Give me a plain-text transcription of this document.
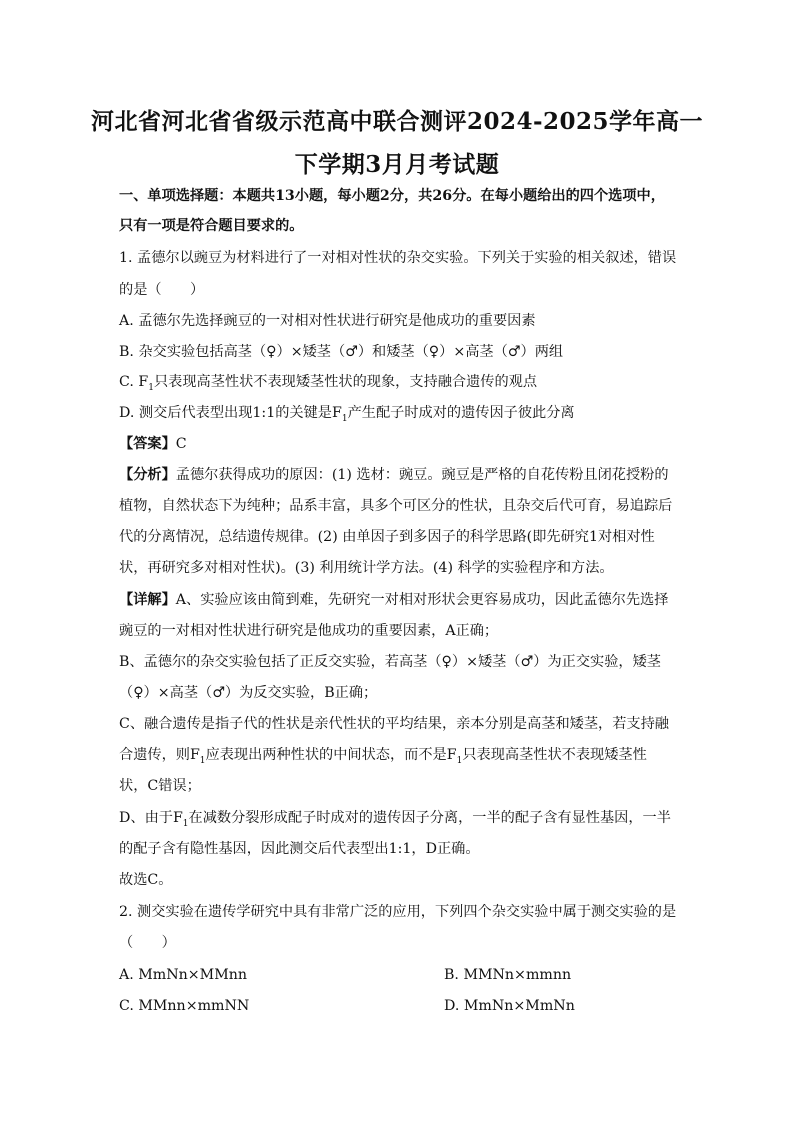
河北省河北省省级示范高中联合测评2024-2025学年高一
下学期3月月考试题
一、单项选择题：本题共13小题，每小题2分，共26分。在每小题给出的四个选项中，
只有一项是符合题目要求的。
1. 孟德尔以豌豆为材料进行了一对相对性状的杂交实验。下列关于实验的相关叙述，错误
的是（　　）
A. 孟德尔先选择豌豆的一对相对性状进行研究是他成功的重要因素
B. 杂交实验包括高茎（♀）×矮茎（♂）和矮茎（♀）×高茎（♂）两组
C. $F_1$只表现高茎性状不表现矮茎性状的现象，支持融合遗传的观点
D. 测交后代表型出现1:1的关键是$F_1$产生配子时成对的遗传因子彼此分离
【答案】C
【分析】孟德尔获得成功的原因：(1) 选材：豌豆。豌豆是严格的自花传粉且闭花授粉的
植物，自然状态下为纯种；品系丰富，具多个可区分的性状，且杂交后代可育，易追踪后
代的分离情况，总结遗传规律。(2) 由单因子到多因子的科学思路(即先研究1对相对性
状，再研究多对相对性状)。(3) 利用统计学方法。(4) 科学的实验程序和方法。
【详解】A、实验应该由简到难，先研究一对相对形状会更容易成功，因此孟德尔先选择
豌豆的一对相对性状进行研究是他成功的重要因素，A正确；
B、孟德尔的杂交实验包括了正反交实验，若高茎（♀）×矮茎（♂）为正交实验，矮茎
（♀）×高茎（♂）为反交实验，B正确；
C、融合遗传是指子代的性状是亲代性状的平均结果，亲本分别是高茎和矮茎，若支持融
合遗传，则$F_1$应表现出两种性状的中间状态，而不是$F_1$只表现高茎性状不表现矮茎性
状，C错误；
D、由于$F_1$在减数分裂形成配子时成对的遗传因子分离，一半的配子含有显性基因，一半
的配子含有隐性基因，因此测交后代表型出1:1，D正确。
故选C。
2. 测交实验在遗传学研究中具有非常广泛的应用，下列四个杂交实验中属于测交实验的是
（　　）
A. MmNn×MMnn	B. MMNn×mmnn
C. MMnn×mmNN	D. MmNn×MmNn
